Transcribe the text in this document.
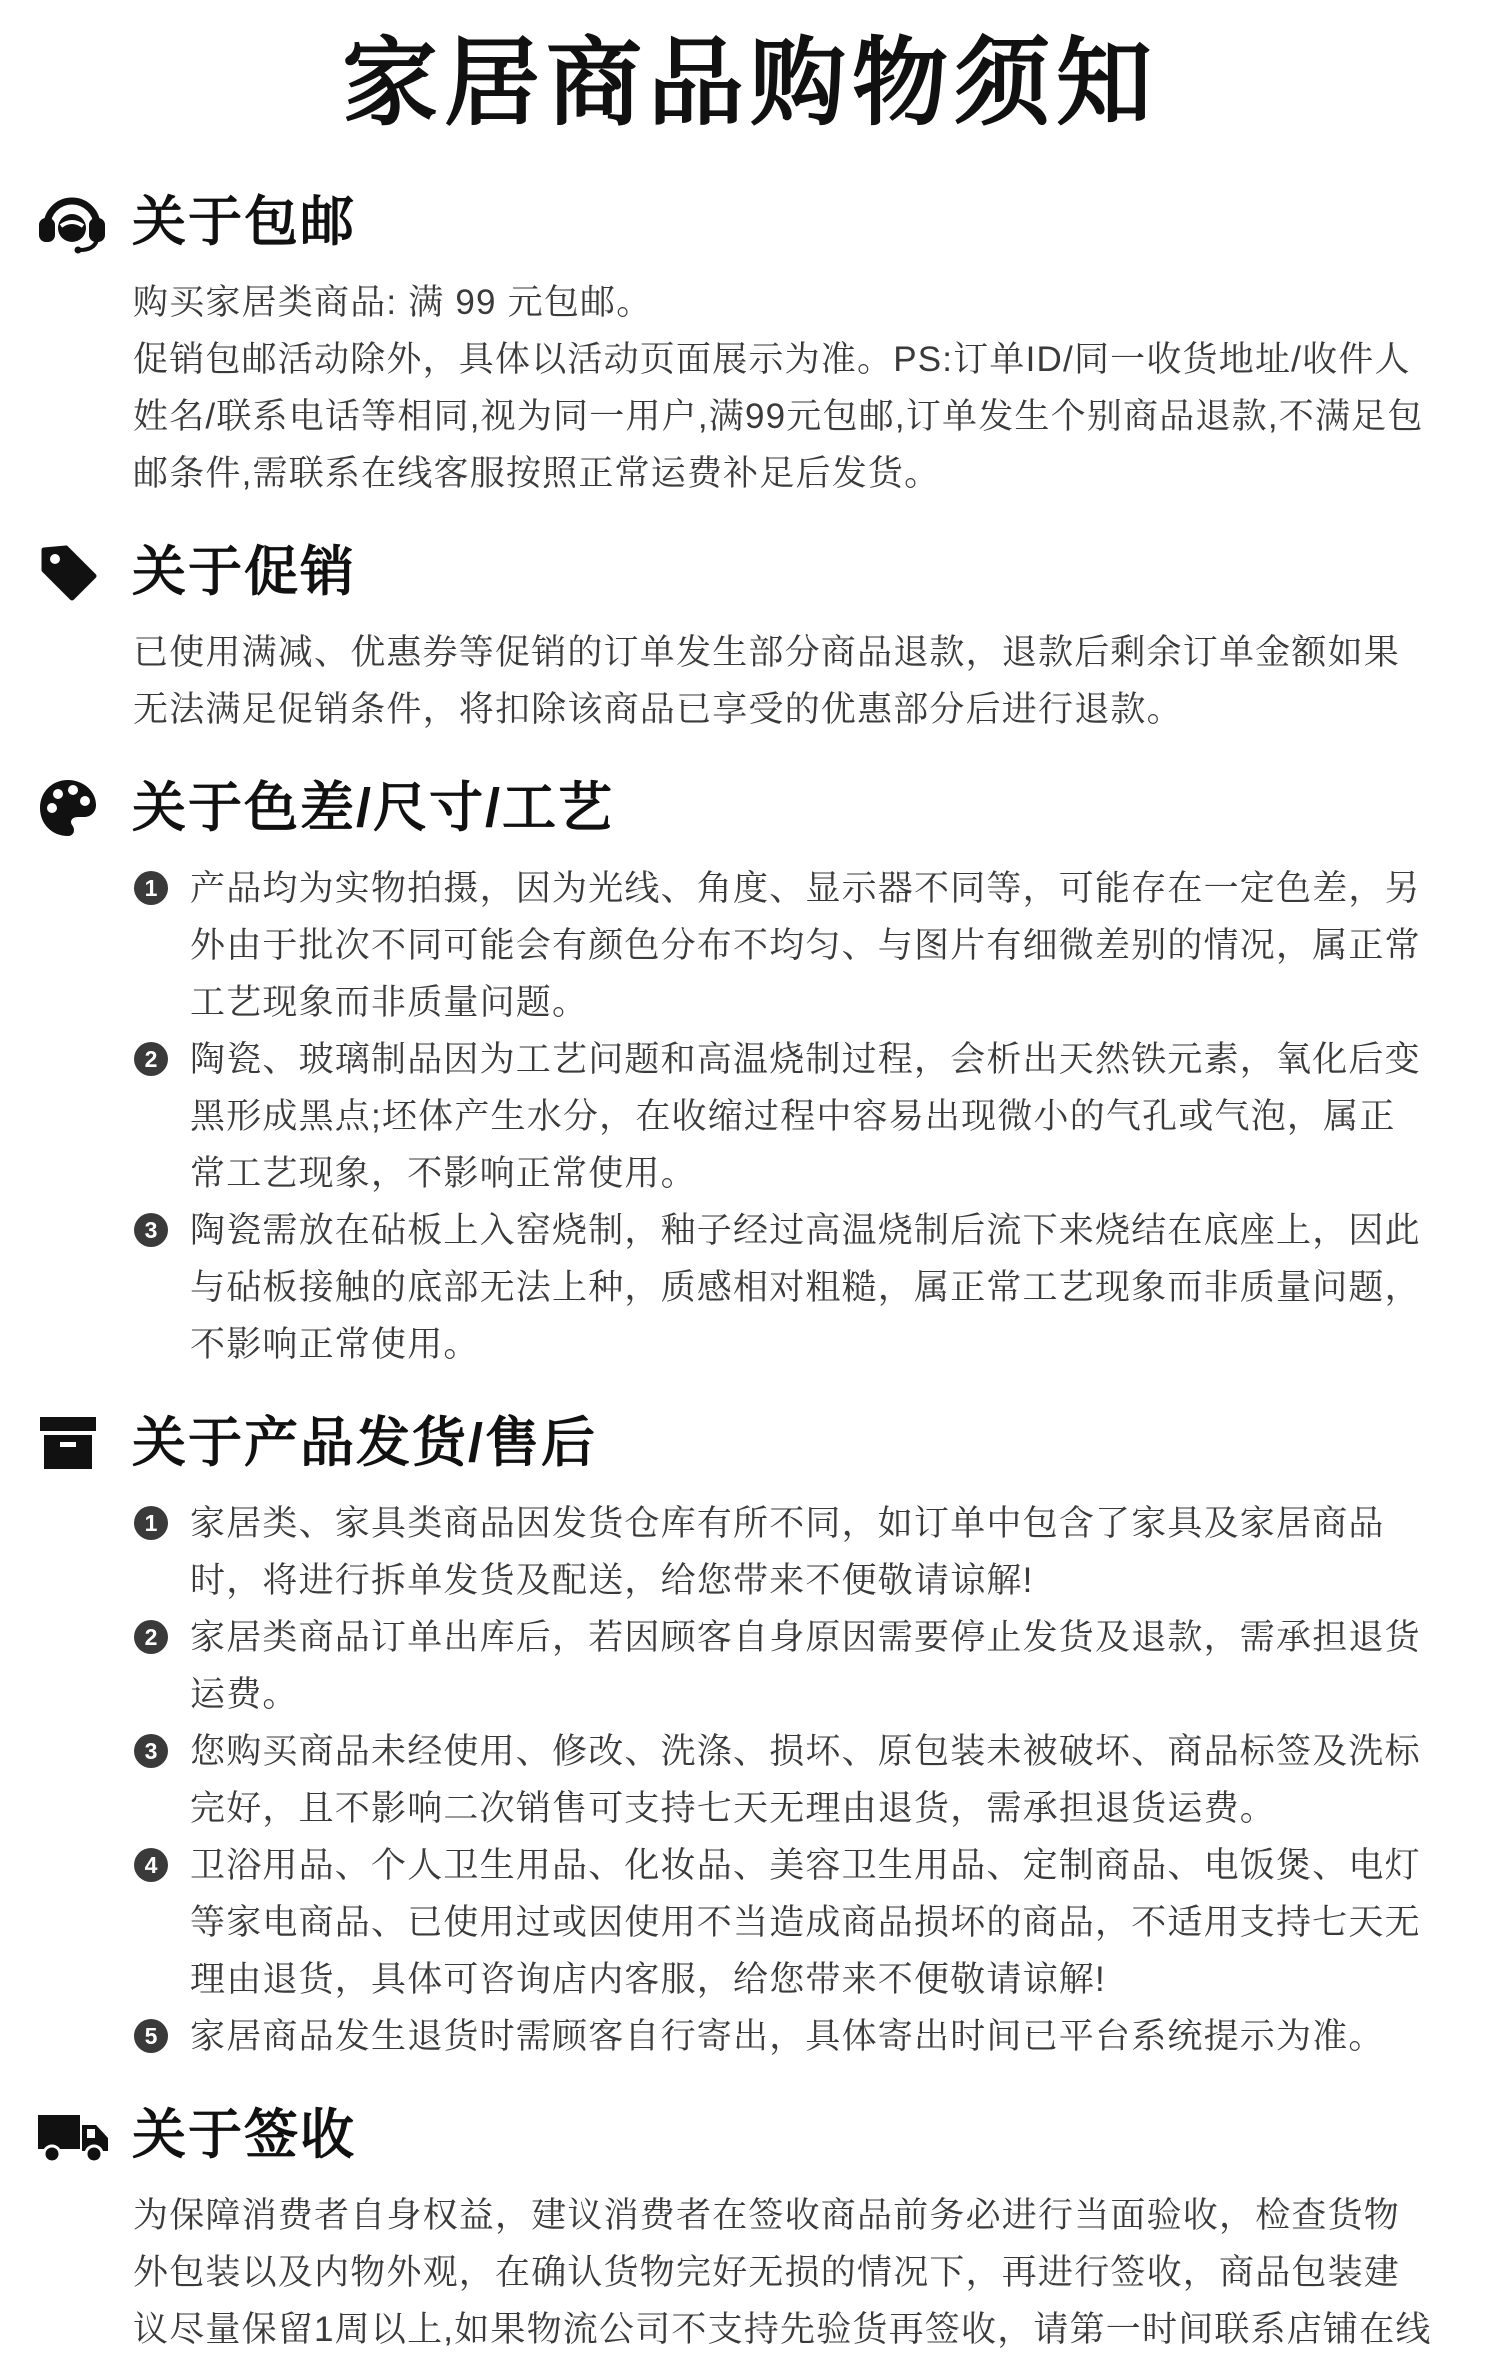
家居商品购物须知
关于包邮
购买家居类商品: 满 99 元包邮。
促销包邮活动除外，具体以活动页面展示为准。PS:订单ID/同一收货地址/收件人
姓名/联系电话等相同,视为同一用户,满99元包邮,订单发生个别商品退款,不满足包
邮条件,需联系在线客服按照正常运费补足后发货。
关于促销
已使用满减、优惠券等促销的订单发生部分商品退款，退款后剩余订单金额如果
无法满足促销条件，将扣除该商品已享受的优惠部分后进行退款。
关于色差/尺寸/工艺
1 产品均为实物拍摄，因为光线、角度、显示器不同等，可能存在一定色差，另
外由于批次不同可能会有颜色分布不均匀、与图片有细微差别的情况，属正常
工艺现象而非质量问题。
2 陶瓷、玻璃制品因为工艺问题和高温烧制过程，会析出天然铁元素，氧化后变
黑形成黑点;坯体产生水分，在收缩过程中容易出现微小的气孔或气泡，属正
常工艺现象，不影响正常使用。
3 陶瓷需放在砧板上入窑烧制，釉子经过高温烧制后流下来烧结在底座上，因此
与砧板接触的底部无法上种，质感相对粗糙，属正常工艺现象而非质量问题，
不影响正常使用。
关于产品发货/售后
1 家居类、家具类商品因发货仓库有所不同，如订单中包含了家具及家居商品
时，将进行拆单发货及配送，给您带来不便敬请谅解!
2 家居类商品订单出库后，若因顾客自身原因需要停止发货及退款，需承担退货
运费。
3 您购买商品未经使用、修改、洗涤、损坏、原包装未被破坏、商品标签及洗标
完好，且不影响二次销售可支持七天无理由退货，需承担退货运费。
4 卫浴用品、个人卫生用品、化妆品、美容卫生用品、定制商品、电饭煲、电灯
等家电商品、已使用过或因使用不当造成商品损坏的商品，不适用支持七天无
理由退货，具体可咨询店内客服，给您带来不便敬请谅解!
5 家居商品发生退货时需顾客自行寄出，具体寄出时间已平台系统提示为准。
关于签收
为保障消费者自身权益，建议消费者在签收商品前务必进行当面验收，检查货物
外包装以及内物外观，在确认货物完好无损的情况下，再进行签收，商品包装建
议尽量保留1周以上,如果物流公司不支持先验货再签收，请第一时间联系店铺在线
